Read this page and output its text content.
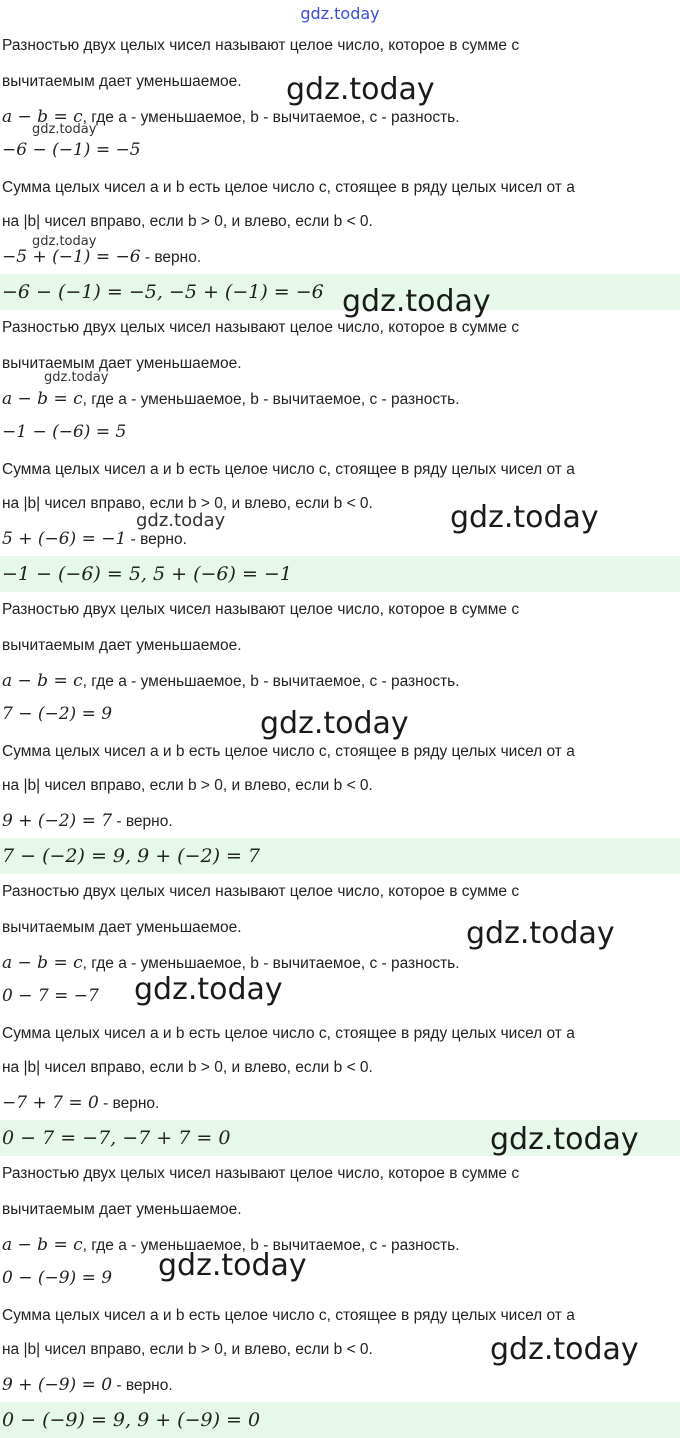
gdz.today
Разностью двух целых чисел называют целое число, которое в сумме с
вычитаемым дает уменьшаемое.
a − b = c, где a - уменьшаемое, b - вычитаемое, c - разность.
−6 − (−1) = −5
Сумма целых чисел a и b есть целое число c, стоящее в ряду целых чисел от a
на |b| чисел вправо, если b > 0, и влево, если b < 0.
−5 + (−1) = −6 - верно.
−6 − (−1) = −5, −5 + (−1) = −6
Разностью двух целых чисел называют целое число, которое в сумме с
вычитаемым дает уменьшаемое.
a − b = c, где a - уменьшаемое, b - вычитаемое, c - разность.
−1 − (−6) = 5
Сумма целых чисел a и b есть целое число c, стоящее в ряду целых чисел от a
на |b| чисел вправо, если b > 0, и влево, если b < 0.
5 + (−6) = −1 - верно.
−1 − (−6) = 5, 5 + (−6) = −1
Разностью двух целых чисел называют целое число, которое в сумме с
вычитаемым дает уменьшаемое.
a − b = c, где a - уменьшаемое, b - вычитаемое, c - разность.
7 − (−2) = 9
Сумма целых чисел a и b есть целое число c, стоящее в ряду целых чисел от a
на |b| чисел вправо, если b > 0, и влево, если b < 0.
9 + (−2) = 7 - верно.
7 − (−2) = 9, 9 + (−2) = 7
Разностью двух целых чисел называют целое число, которое в сумме с
вычитаемым дает уменьшаемое.
a − b = c, где a - уменьшаемое, b - вычитаемое, c - разность.
0 − 7 = −7
Сумма целых чисел a и b есть целое число c, стоящее в ряду целых чисел от a
на |b| чисел вправо, если b > 0, и влево, если b < 0.
−7 + 7 = 0 - верно.
0 − 7 = −7, −7 + 7 = 0
Разностью двух целых чисел называют целое число, которое в сумме с
вычитаемым дает уменьшаемое.
a − b = c, где a - уменьшаемое, b - вычитаемое, c - разность.
0 − (−9) = 9
Сумма целых чисел a и b есть целое число c, стоящее в ряду целых чисел от a
на |b| чисел вправо, если b > 0, и влево, если b < 0.
9 + (−9) = 0 - верно.
0 − (−9) = 9, 9 + (−9) = 0
gdz.today
gdz.today
gdz.today
gdz.today
gdz.today
gdz.today
gdz.today
gdz.today
gdz.today
gdz.today
gdz.today
gdz.today
gdz.today
